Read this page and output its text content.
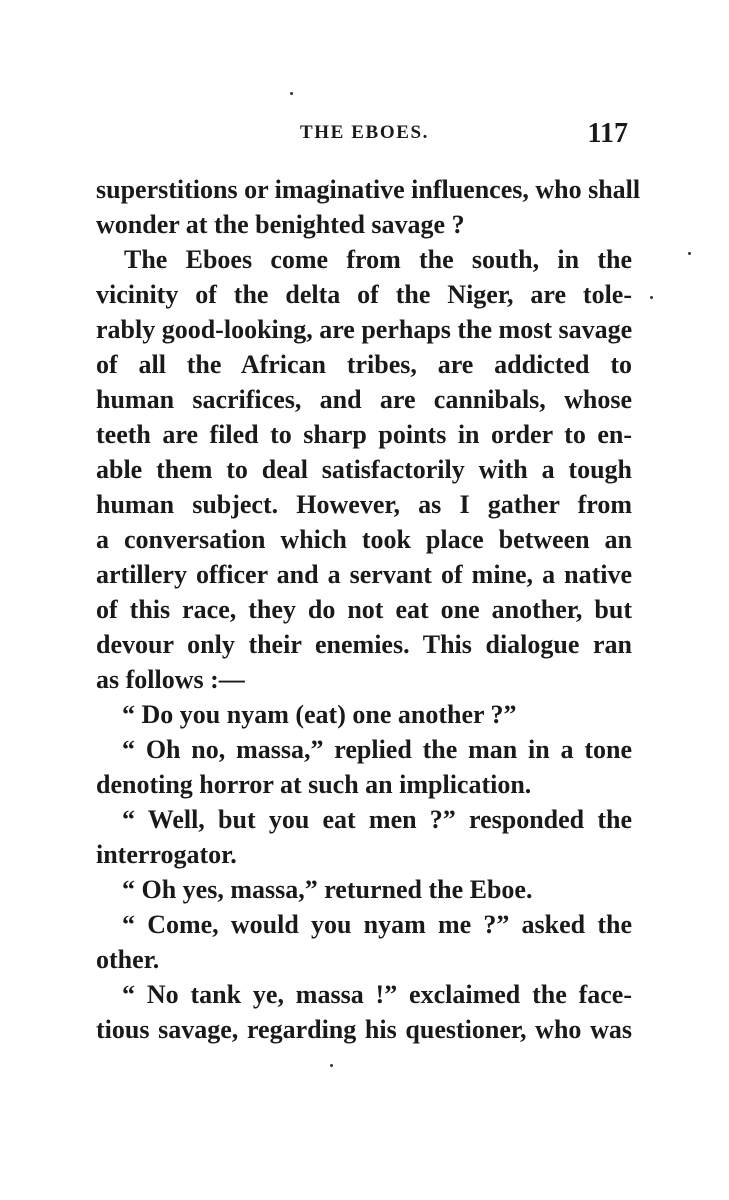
THE EBOES.	117
superstitions or imaginative influences, who shall
wonder at the benighted savage ?
The Eboes come from the south, in the
vicinity of the delta of the Niger, are tole-
rably good-looking, are perhaps the most savage
of all the African tribes, are addicted to
human sacrifices, and are cannibals, whose
teeth are filed to sharp points in order to en-
able them to deal satisfactorily with a tough
human subject. However, as I gather from
a conversation which took place between an
artillery officer and a servant of mine, a native
of this race, they do not eat one another, but
devour only their enemies. This dialogue ran
as follows :—
“ Do you nyam (eat) one another ?”
“ Oh no, massa,” replied the man in a tone
denoting horror at such an implication.
“ Well, but you eat men ?” responded the
interrogator.
“ Oh yes, massa,” returned the Eboe.
“ Come, would you nyam me ?” asked the
other.
“ No tank ye, massa !” exclaimed the face-
tious savage, regarding his questioner, who was
